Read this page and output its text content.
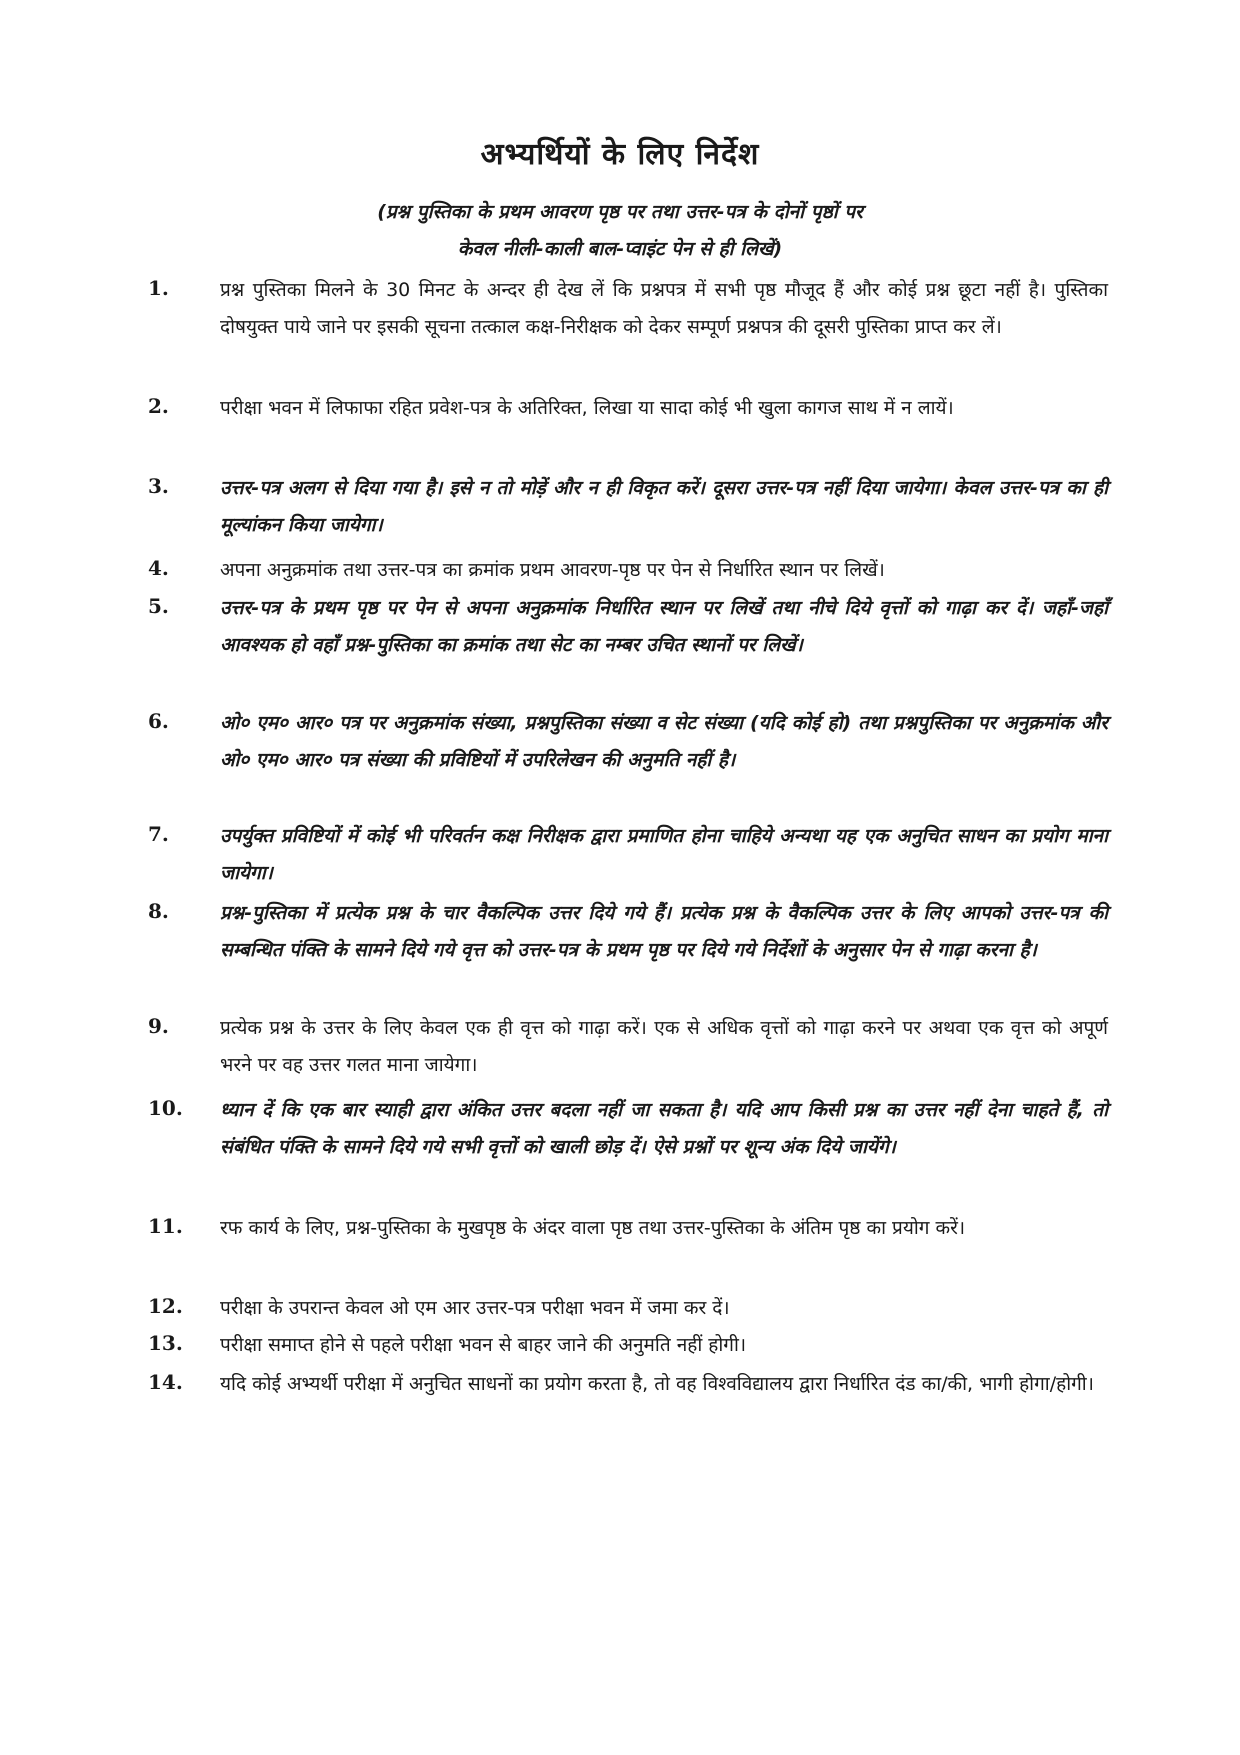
अभ्यर्थियों के लिए निर्देश
(प्रश्न पुस्तिका के प्रथम आवरण पृष्ठ पर तथा उत्तर-पत्र के दोनों पृष्ठों पर
केवल नीली-काली बाल-प्वाइंट पेन से ही लिखें)
1.	प्रश्न पुस्तिका मिलने के 30 मिनट के अन्दर ही देख लें कि प्रश्नपत्र में सभी पृष्ठ मौजूद हैं और कोई प्रश्न छूटा नहीं है। पुस्तिका दोषयुक्त पाये जाने पर इसकी सूचना तत्काल कक्ष-निरीक्षक को देकर सम्पूर्ण प्रश्नपत्र की दूसरी पुस्तिका प्राप्त कर लें।
2.	परीक्षा भवन में लिफाफा रहित प्रवेश-पत्र के अतिरिक्त, लिखा या सादा कोई भी खुला कागज साथ में न लायें।
3.	उत्तर-पत्र अलग से दिया गया है। इसे न तो मोड़ें और न ही विकृत करें। दूसरा उत्तर-पत्र नहीं दिया जायेगा। केवल उत्तर-पत्र का ही मूल्यांकन किया जायेगा।
4.	अपना अनुक्रमांक तथा उत्तर-पत्र का क्रमांक प्रथम आवरण-पृष्ठ पर पेन से निर्धारित स्थान पर लिखें।
5.	उत्तर-पत्र के प्रथम पृष्ठ पर पेन से अपना अनुक्रमांक निर्धारित स्थान पर लिखें तथा नीचे दिये वृत्तों को गाढ़ा कर दें। जहाँ-जहाँ आवश्यक हो वहाँ प्रश्न-पुस्तिका का क्रमांक तथा सेट का नम्बर उचित स्थानों पर लिखें।
6.	ओ० एम० आर० पत्र पर अनुक्रमांक संख्या, प्रश्नपुस्तिका संख्या व सेट संख्या (यदि कोई हो) तथा प्रश्नपुस्तिका पर अनुक्रमांक और ओ० एम० आर० पत्र संख्या की प्रविष्टियों में उपरिलेखन की अनुमति नहीं है।
7.	उपर्युक्त प्रविष्टियों में कोई भी परिवर्तन कक्ष निरीक्षक द्वारा प्रमाणित होना चाहिये अन्यथा यह एक अनुचित साधन का प्रयोग माना जायेगा।
8.	प्रश्न-पुस्तिका में प्रत्येक प्रश्न के चार वैकल्पिक उत्तर दिये गये हैं। प्रत्येक प्रश्न के वैकल्पिक उत्तर के लिए आपको उत्तर-पत्र की सम्बन्धित पंक्ति के सामने दिये गये वृत्त को उत्तर-पत्र के प्रथम पृष्ठ पर दिये गये निर्देशों के अनुसार पेन से गाढ़ा करना है।
9.	प्रत्येक प्रश्न के उत्तर के लिए केवल एक ही वृत्त को गाढ़ा करें। एक से अधिक वृत्तों को गाढ़ा करने पर अथवा एक वृत्त को अपूर्ण भरने पर वह उत्तर गलत माना जायेगा।
10.	ध्यान दें कि एक बार स्याही द्वारा अंकित उत्तर बदला नहीं जा सकता है। यदि आप किसी प्रश्न का उत्तर नहीं देना चाहते हैं, तो संबंधित पंक्ति के सामने दिये गये सभी वृत्तों को खाली छोड़ दें। ऐसे प्रश्नों पर शून्य अंक दिये जायेंगे।
11.	रफ कार्य के लिए, प्रश्न-पुस्तिका के मुखपृष्ठ के अंदर वाला पृष्ठ तथा उत्तर-पुस्तिका के अंतिम पृष्ठ का प्रयोग करें।
12.	परीक्षा के उपरान्त केवल ओ एम आर उत्तर-पत्र परीक्षा भवन में जमा कर दें।
13.	परीक्षा समाप्त होने से पहले परीक्षा भवन से बाहर जाने की अनुमति नहीं होगी।
14.	यदि कोई अभ्यर्थी परीक्षा में अनुचित साधनों का प्रयोग करता है, तो वह विश्वविद्यालय द्वारा निर्धारित दंड का/की, भागी होगा/होगी।
